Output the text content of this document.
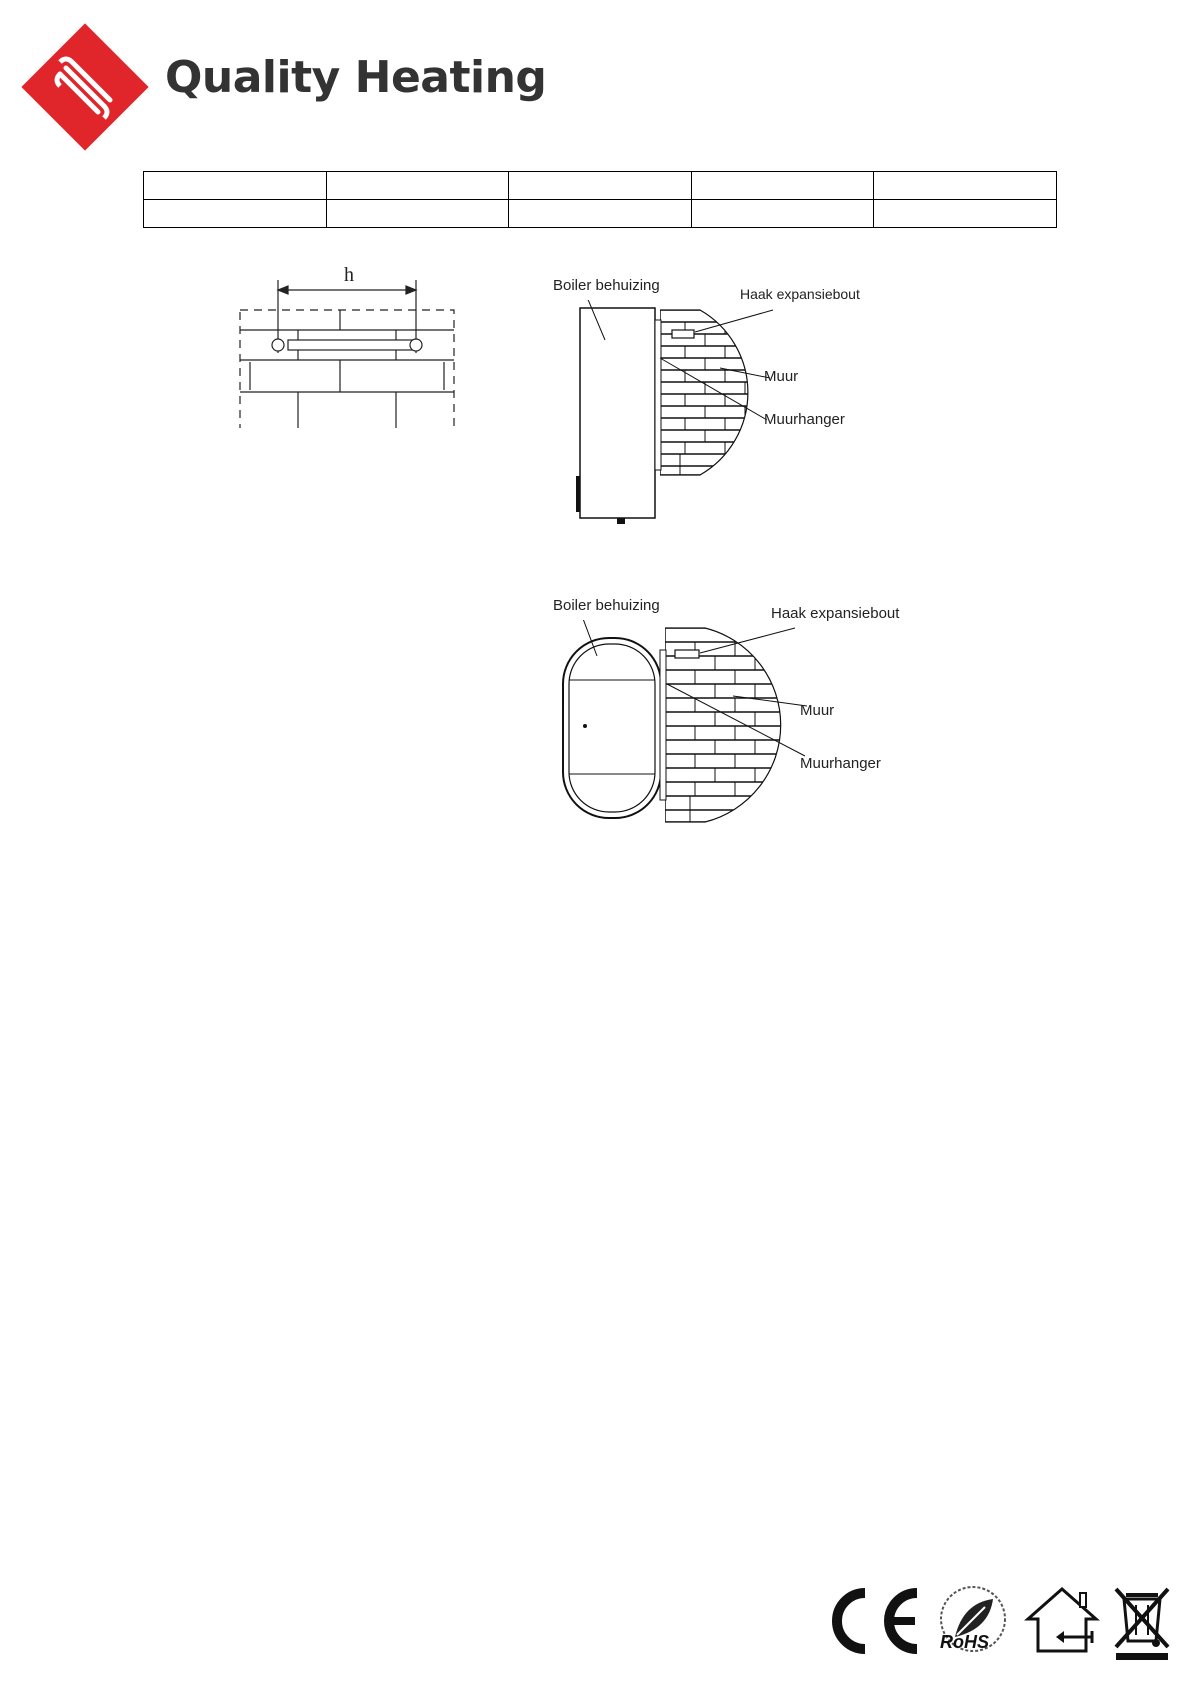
Quality Heating

h	Boiler behuizing	Haak expansiebout
Muur
Muurhanger
Boiler behuizing	Haak expansiebout
Muur
Muurhanger
RoHS
